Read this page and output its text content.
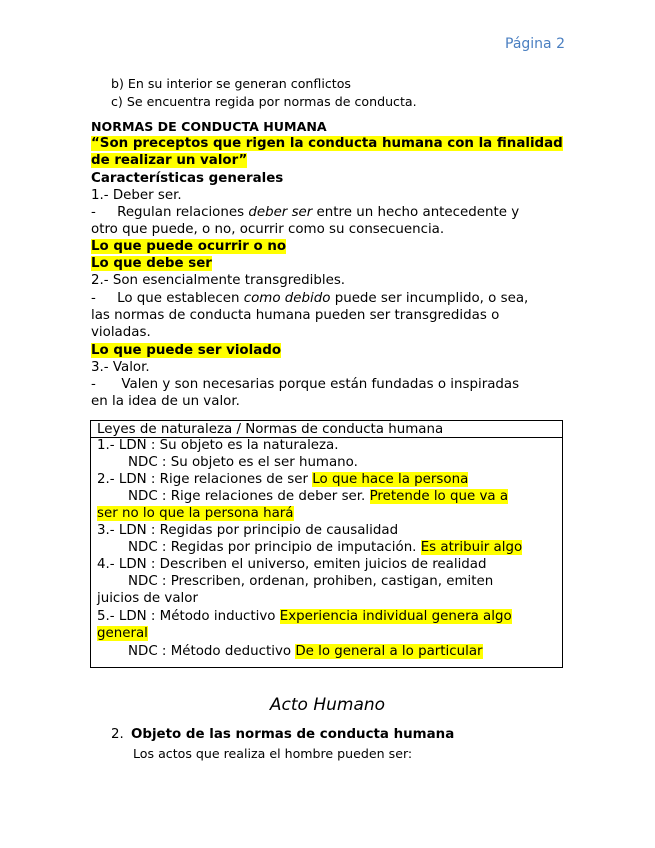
Página 2
b) En su interior se generan conflictos
c) Se encuentra regida por normas de conducta.
NORMAS DE CONDUCTA HUMANA
“Son preceptos que rigen la conducta humana con la finalidad
de realizar un valor”
Características generales
1.- Deber ser.
-     Regulan relaciones deber ser entre un hecho antecedente y
otro que puede, o no, ocurrir como su consecuencia.
Lo que puede ocurrir o no
Lo que debe ser
2.- Son esencialmente transgredibles.
-     Lo que establecen como debido puede ser incumplido, o sea,
las normas de conducta humana pueden ser transgredidas o
violadas.
Lo que puede ser violado
3.- Valor.
-      Valen y son necesarias porque están fundadas o inspiradas
en la idea de un valor.
Leyes de naturaleza / Normas de conducta humana
1.- LDN : Su objeto es la naturaleza.
NDC : Su objeto es el ser humano.
2.- LDN : Rige relaciones de ser Lo que hace la persona
NDC : Rige relaciones de deber ser. Pretende lo que va a
ser no lo que la persona hará
3.- LDN : Regidas por principio de causalidad
NDC : Regidas por principio de imputación. Es atribuir algo
4.- LDN : Describen el universo, emiten juicios de realidad
NDC : Prescriben, ordenan, prohiben, castigan, emiten
juicios de valor
5.- LDN : Método inductivo Experiencia individual genera algo
general
NDC : Método deductivo De lo general a lo particular
Acto Humano
2. Objeto de las normas de conducta humana
Los actos que realiza el hombre pueden ser:
